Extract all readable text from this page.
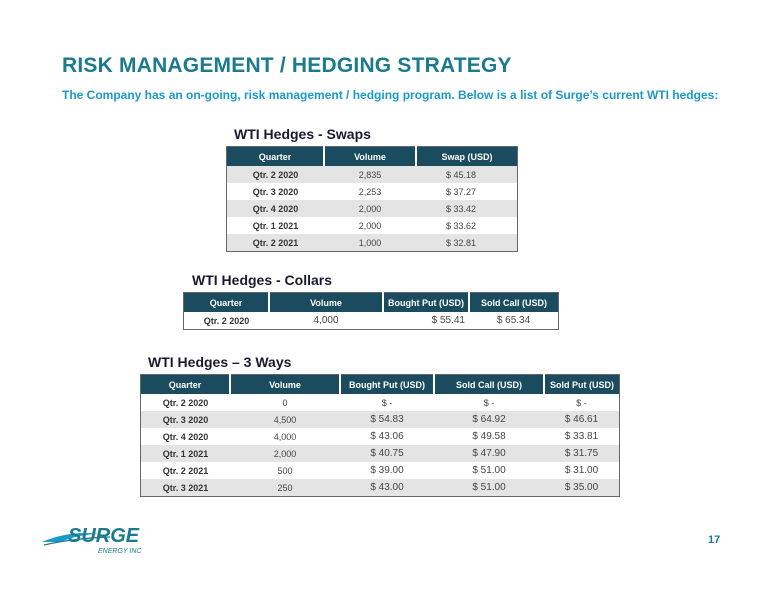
RISK MANAGEMENT / HEDGING STRATEGY
The Company has an on-going, risk management / hedging program. Below is a list of Surge’s current WTI hedges:
WTI Hedges - Swaps
Quarter	Volume	Swap (USD)
Qtr. 2 2020	2,835	$ 45.18
Qtr. 3 2020	2,253	$ 37.27
Qtr. 4 2020	2,000	$ 33.42
Qtr. 1 2021	2,000	$ 33.62
Qtr. 2 2021	1,000	$ 32.81
WTI Hedges - Collars
Quarter	Volume	Bought Put (USD)	Sold Call (USD)
Qtr. 2 2020	4,000	$ 55.41	$ 65.34
WTI Hedges – 3 Ways
Quarter	Volume	Bought Put (USD)	Sold Call (USD)	Sold Put (USD)
Qtr. 2 2020	0	$ -	$ -	$ -
Qtr. 3 2020	4,500	$ 54.83	$ 64.92	$ 46.61
Qtr. 4 2020	4,000	$ 43.06	$ 49.58	$ 33.81
Qtr. 1 2021	2,000	$ 40.75	$ 47.90	$ 31.75
Qtr. 2 2021	500	$ 39.00	$ 51.00	$ 31.00
Qtr. 3 2021	250	$ 43.00	$ 51.00	$ 35.00
SURGE
ENERGY INC
17
